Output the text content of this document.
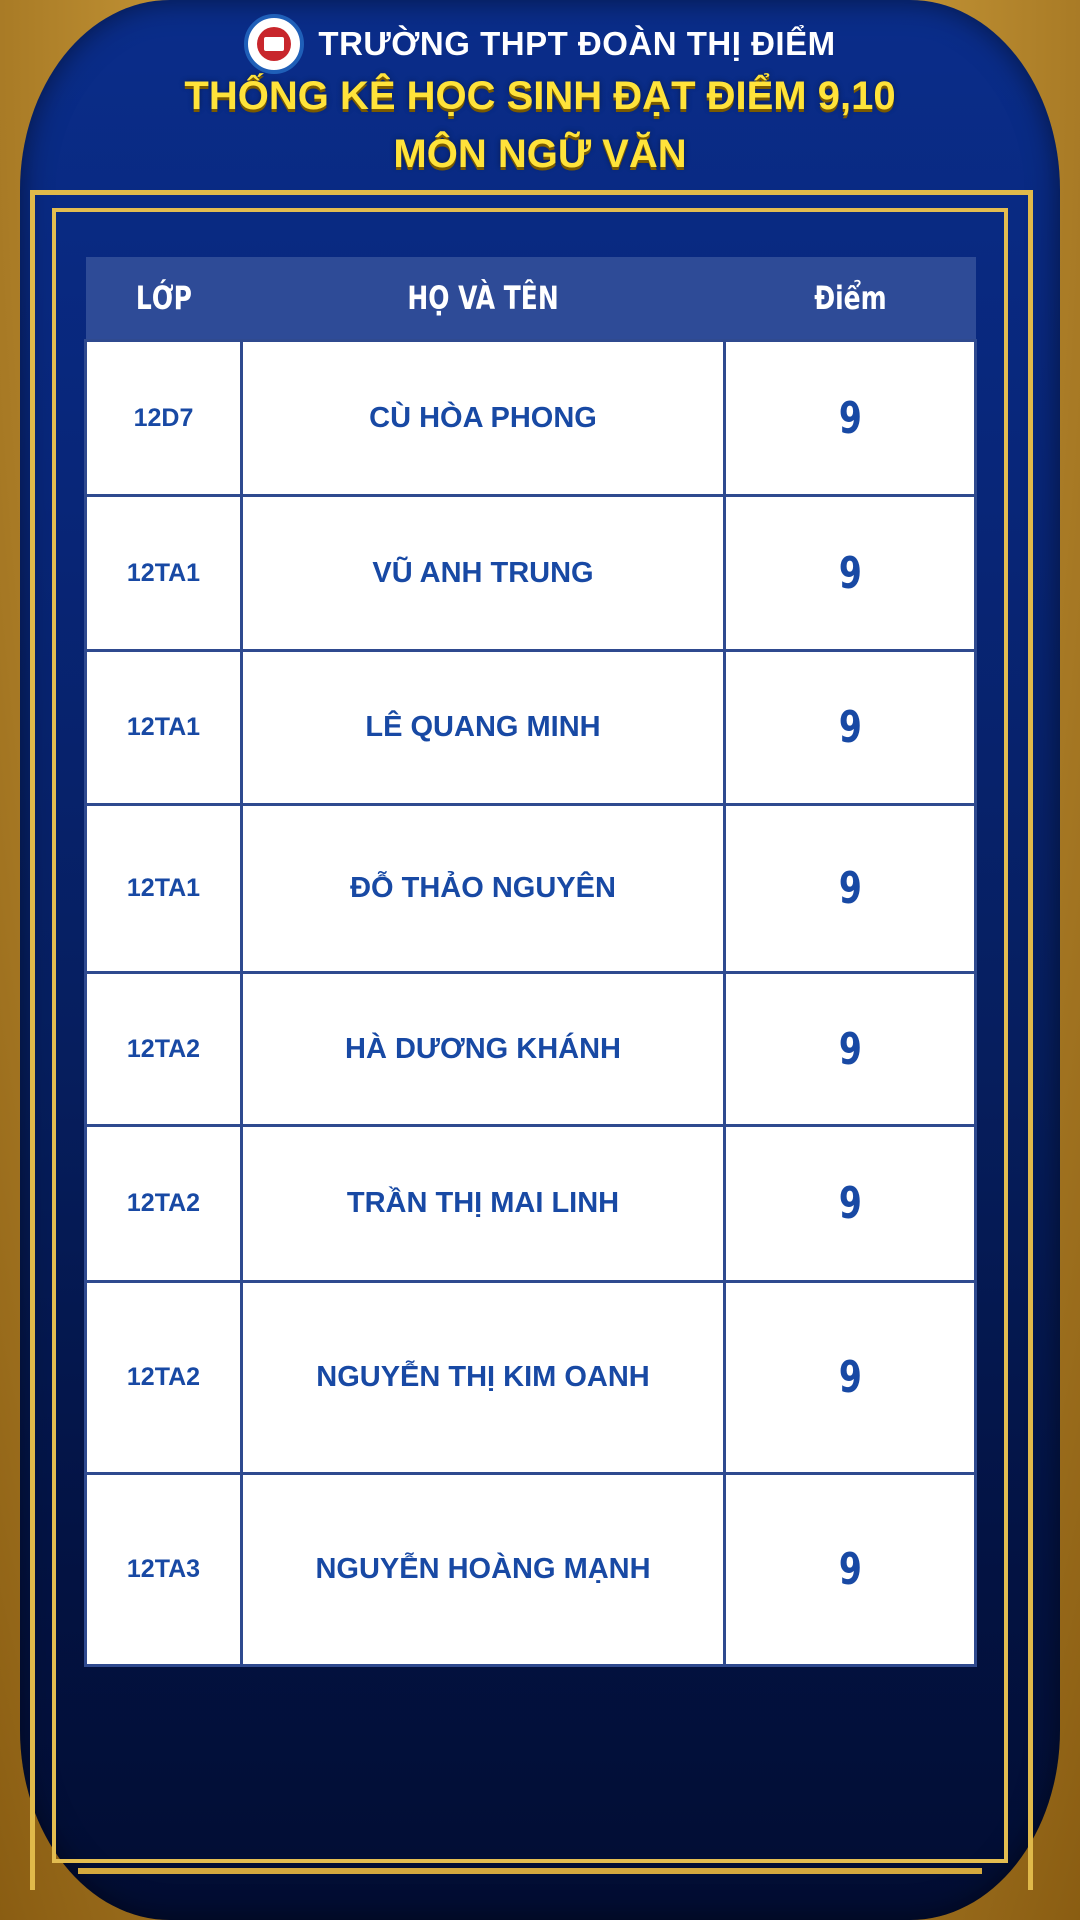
TRƯỜNG THPT ĐOÀN THỊ ĐIỂM
THỐNG KÊ HỌC SINH ĐẠT ĐIỂM 9,10
MÔN NGỮ VĂN
LỚP	HỌ VÀ TÊN	Điểm
12D7	CÙ HÒA PHONG	9
12TA1	VŨ ANH TRUNG	9
12TA1	LÊ QUANG MINH	9
12TA1	ĐỖ THẢO NGUYÊN	9
12TA2	HÀ DƯƠNG KHÁNH	9
12TA2	TRẦN THỊ MAI LINH	9
12TA2	NGUYỄN THỊ KIM OANH	9
12TA3	NGUYỄN HOÀNG MẠNH	9
